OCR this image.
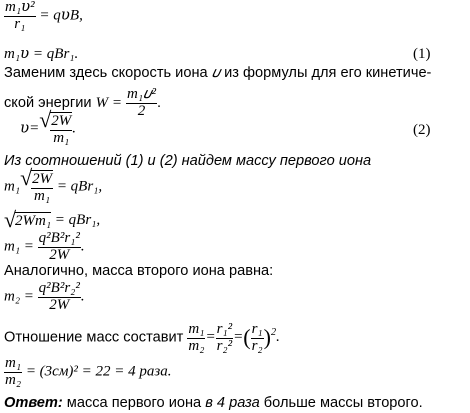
m₁𝜐²
r₁
= q𝜐B,
m₁𝜐 = qBr₁.	(1)
Заменим здесь скорость иона 𝜐 из формулы для его кинетиче-
ской энергии W =
m₁𝜐²
2
.
𝜐= √
$\frac{2W}{\text{m₁}}$ .	(2)
Из соотношений (1) и (2) найдем массу первого иона
m₁ √
$\frac{2W}{\text{m₁}} = qBr_1$,
√
2Wm₁ = qBr₁,
$m_1 = \frac{\text{q²B²r₁²}}{2W}$ .
Аналогично, масса второго иона равна:
$m_2 = \frac{\text{q²B²r₂²}}{2W}$ .
Отношение масс составит $\frac{\text{m₁}}{\text{m₂}} = \frac{\text{r₁²}}{\text{r₂²}}$ =( $\frac{\text{r₁}}{\text{r₂}} )^2$.
$\frac{\text{m₁}}{\text{m₂}} = (3см)^2 = 22 = 4$ раза.
Ответ: масса первого иона в 4 раза больше массы второго.
